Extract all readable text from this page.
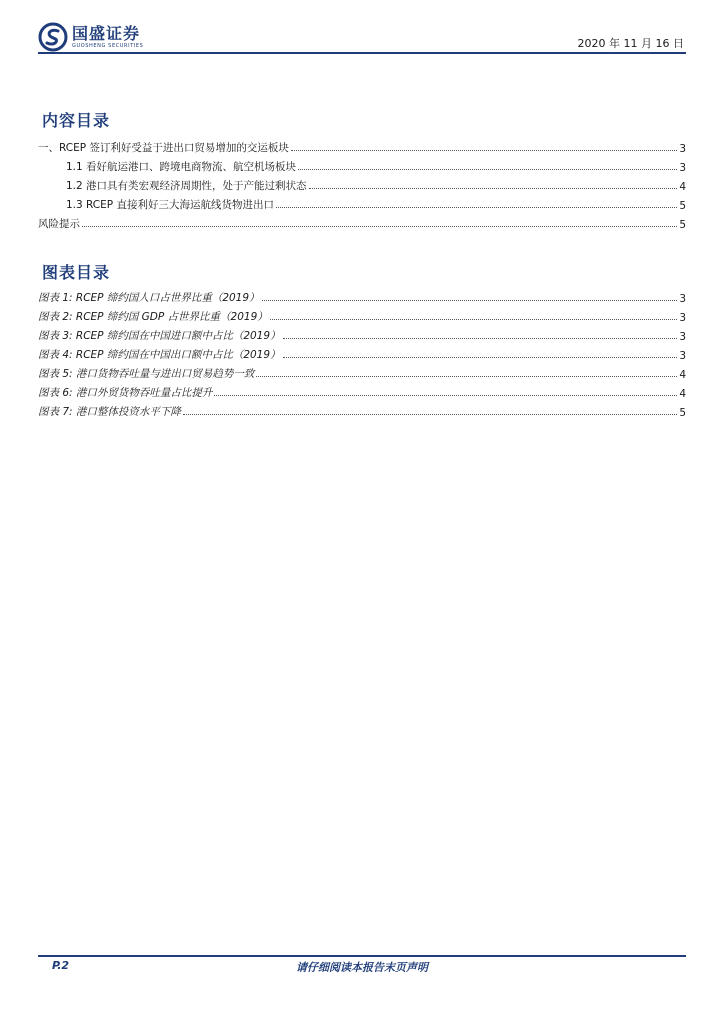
国盛证券
GUOSHENG SECURITIES	2020 年 11 月 16 日
内容目录
一、RCEP 签订利好受益于进出口贸易增加的交运板块	3
1.1 看好航运港口、跨境电商物流、航空机场板块	3
1.2 港口具有类宏观经济周期性，处于产能过剩状态	4
1.3 RCEP 直接利好三大海运航线货物进出口	5
风险提示	5
图表目录
图表 1: RCEP 缔约国人口占世界比重（2019）	3
图表 2: RCEP 缔约国 GDP 占世界比重（2019）	3
图表 3: RCEP 缔约国在中国进口额中占比（2019）	3
图表 4: RCEP 缔约国在中国出口额中占比（2019）	3
图表 5: 港口货物吞吐量与进出口贸易趋势一致	4
图表 6: 港口外贸货物吞吐量占比提升	4
图表 7: 港口整体投资水平下降	5
P.2	请仔细阅读本报告末页声明
